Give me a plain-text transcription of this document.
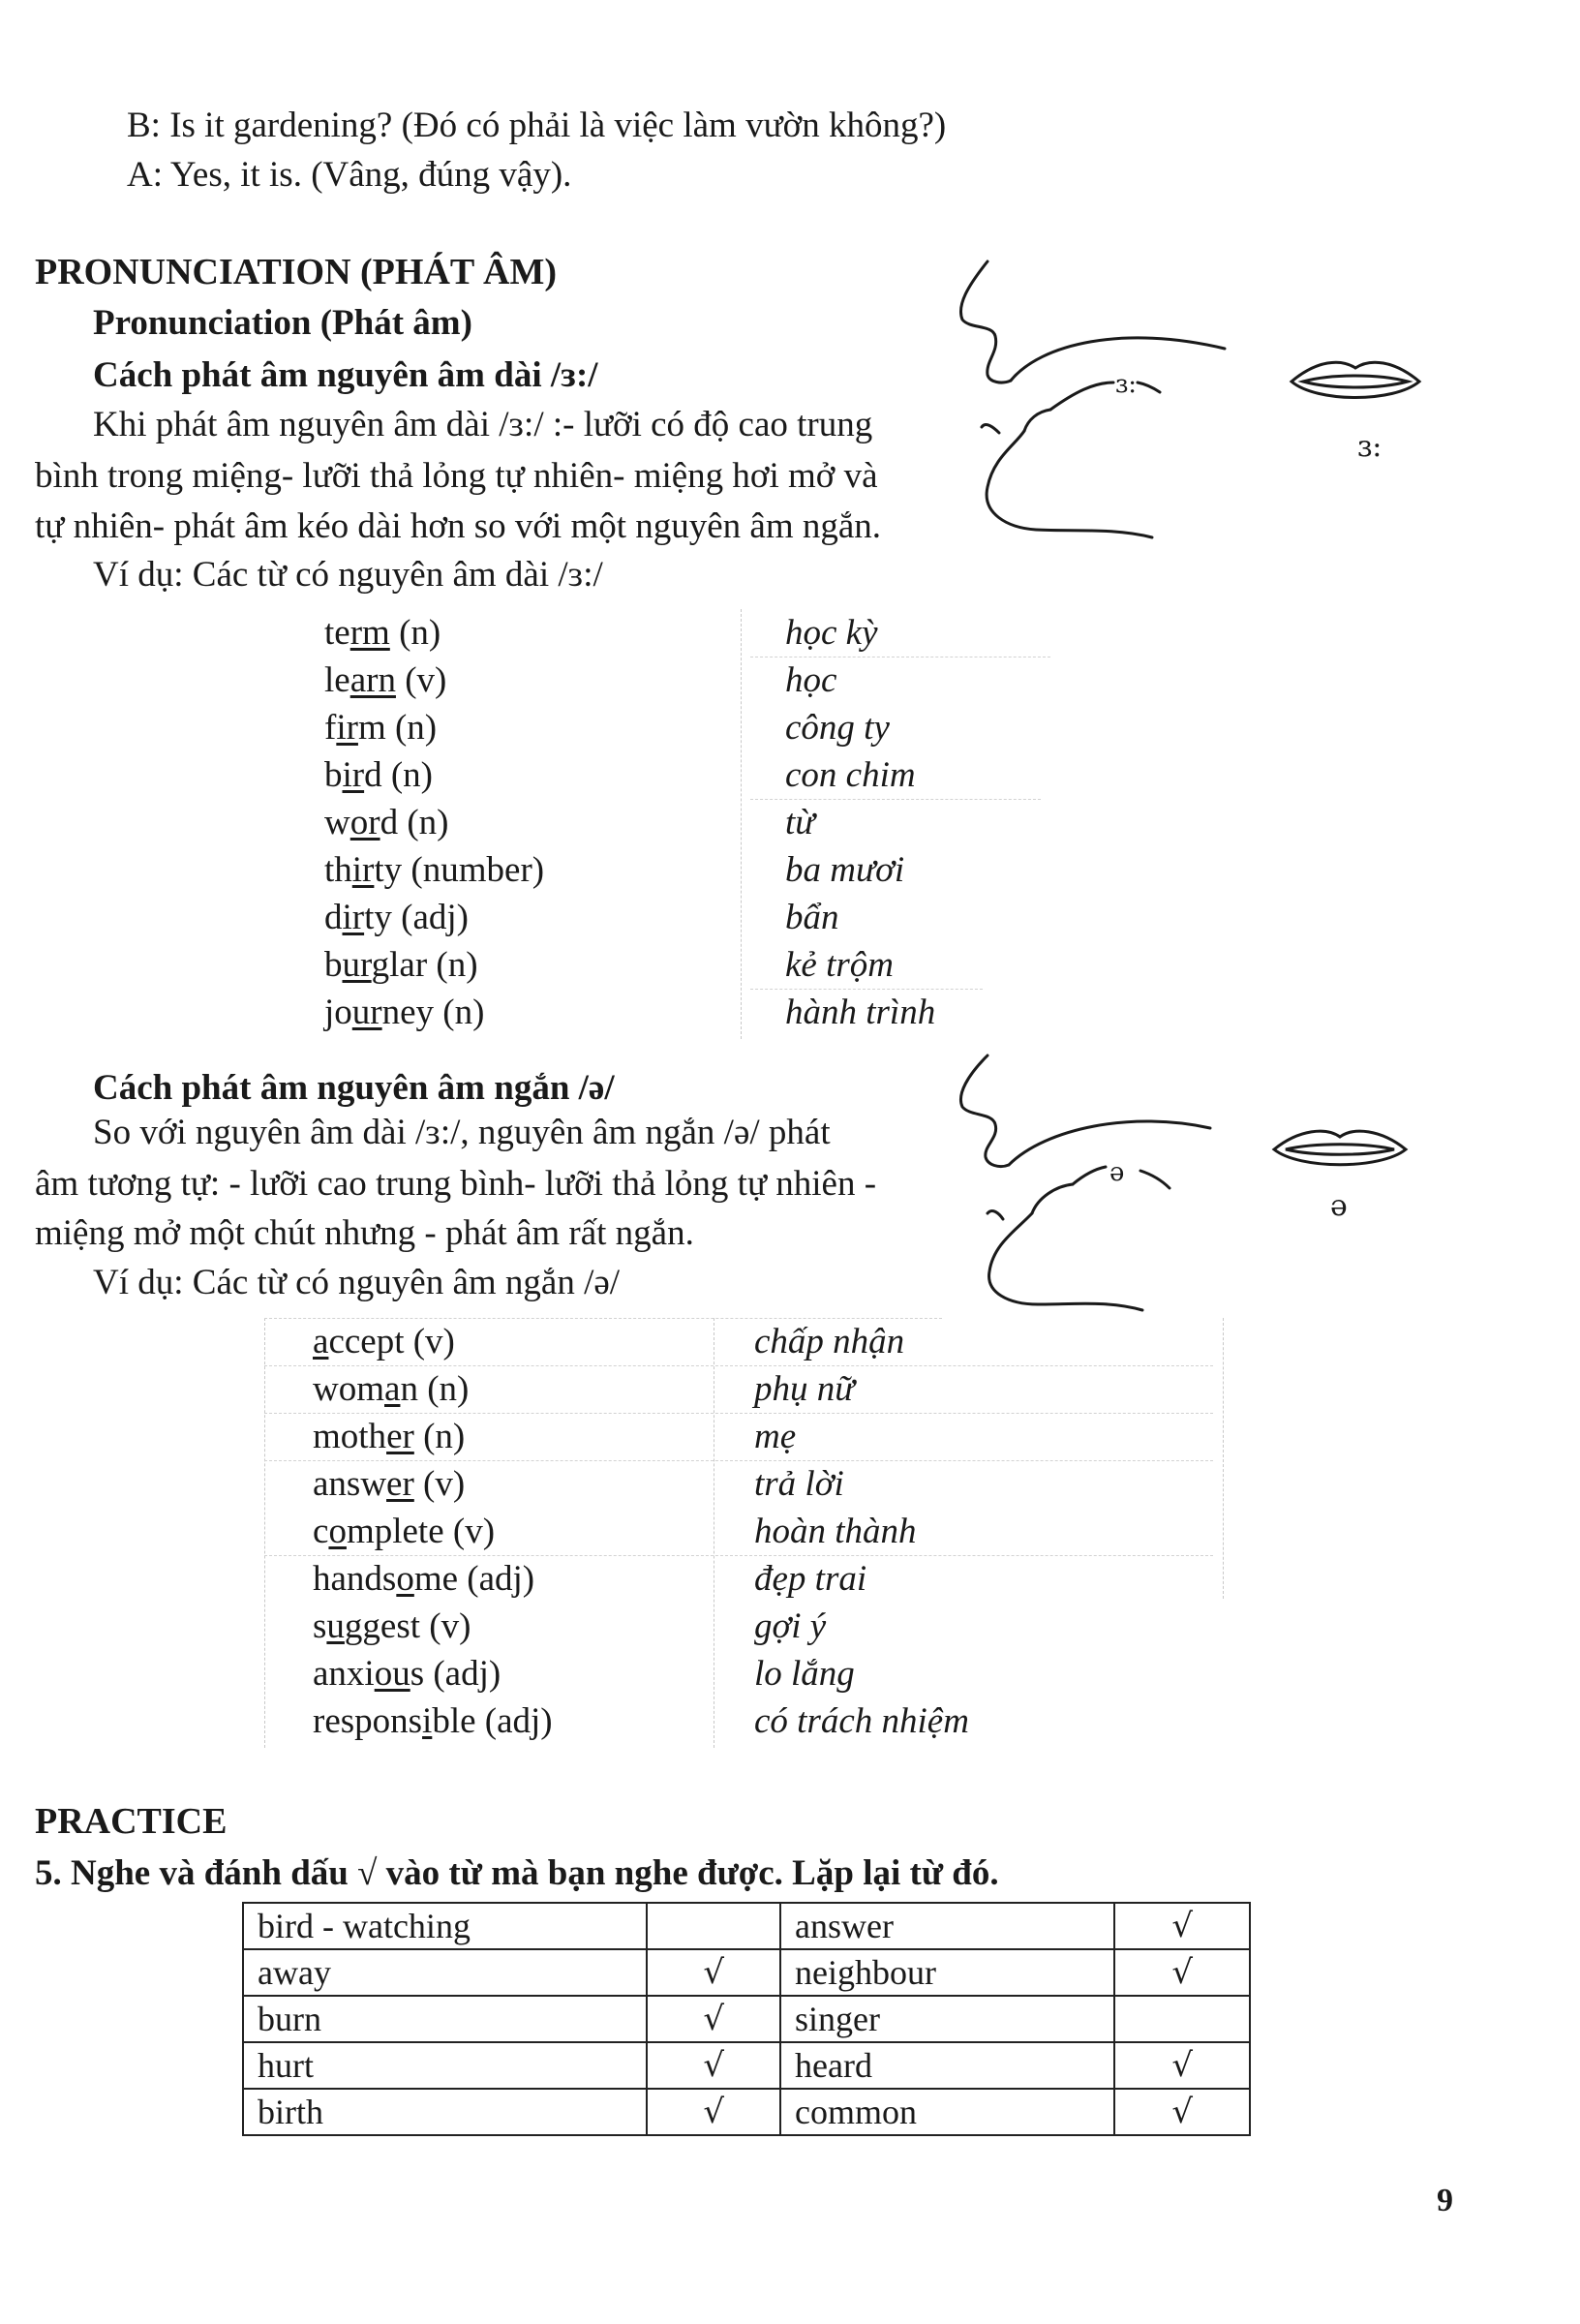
B: Is it gardening? (Đó có phải là việc làm vườn không?)
A: Yes, it is. (Vâng, đúng vậy).
PRONUNCIATION (PHÁT ÂM)
Pronunciation (Phát âm)
Cách phát âm nguyên âm dài /ɜ:/
Khi phát âm nguyên âm dài /ɜ:/ :- lưỡi có độ cao trung
bình trong miệng- lưỡi thả lỏng tự nhiên- miệng hơi mở và
tự nhiên- phát âm kéo dài hơn so với một nguyên âm ngắn.
Ví dụ: Các từ có nguyên âm dài /ɜ:/
ɜ:
ɜ:
term (n)	học kỳ
learn (v)	học
firm (n)	công ty
bird (n)	con chim
word (n)	từ
thirty (number)	ba mươi
dirty (adj)	bẩn
burglar (n)	kẻ trộm
journey (n)	hành trình
Cách phát âm nguyên âm ngắn /ə/
So với nguyên âm dài /ɜ:/, nguyên âm ngắn /ə/ phát
âm tương tự: - lưỡi cao trung bình- lưỡi thả lỏng tự nhiên -
miệng mở một chút nhưng - phát âm rất ngắn.
Ví dụ: Các từ có nguyên âm ngắn /ə/
ə
ə
accept (v)	chấp nhận
woman (n)	phụ nữ
mother (n)	mẹ
answer (v)	trả lời
complete (v)	hoàn thành
handsome (adj)	đẹp trai
suggest (v)	gợi ý
anxious (adj)	lo lắng
responsible (adj)	có trách nhiệm
PRACTICE
5. Nghe và đánh dấu √ vào từ mà bạn nghe được. Lặp lại từ đó.
bird - watching		answer	√
away	√	neighbour	√
burn	√	singer	
hurt	√	heard	√
birth	√	common	√
9
